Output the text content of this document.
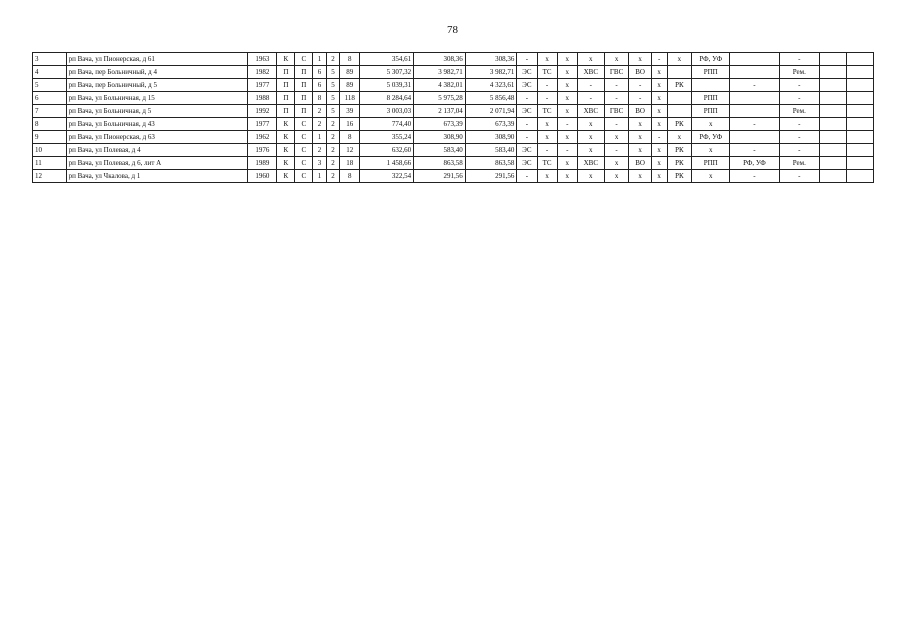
78
3	рп Вача, ул Пионерская, д 61	1963	К	С	1	2	8	354,61	308,36	308,36	-	х	х	х	х	х	-	х	РФ, УФ		-		
4	рп Вача, пер Больничный, д 4	1982	П	П	6	5	89	5 307,32	3 982,71	3 982,71	ЭС	ТС	х	ХВС	ГВС	ВО	х		РПП		Рем.		
5	рп Вача, пер Больничный, д 5	1977	П	П	6	5	89	5 039,31	4 382,01	4 323,61	ЭС	-	х	-	-	-	х	РК		-	-		
6	рп Вача, ул Больничная, д 15	1988	П	П	8	5	118	8 284,64	5 975,28	5 856,48	-	-	х	-	-	-	х		РПП		-		
7	рп Вача, ул Больничная, д 5	1992	П	П	2	5	39	3 003,03	2 137,04	2 071,94	ЭС	ТС	х	ХВС	ГВС	ВО	х		РПП		Рем.		
8	рп Вача, ул Больничная, д 43	1977	К	С	2	2	16	774,40	673,39	673,39	-	х	-	х	-	х	х	РК	х	-	-		
9	рп Вача, ул Пионерская, д 63	1962	К	С	1	2	8	355,24	308,90	308,90	-	х	х	х	х	х	-	х	РФ, УФ		-		
10	рп Вача, ул Полевая, д 4	1976	К	С	2	2	12	632,60	583,40	583,40	ЭС	-	-	х	-	х	х	РК	х	-	-		
11	рп Вача, ул Полевая, д 6, лит А	1989	К	С	3	2	18	1 458,66	863,58	863,58	ЭС	ТС	х	ХВС	х	ВО	х	РК	РПП	РФ, УФ	Рем.		
12	рп Вача, ул Чкалова, д 1	1960	К	С	1	2	8	322,54	291,56	291,56	-	х	х	х	х	х	х	РК	х	-	-		
